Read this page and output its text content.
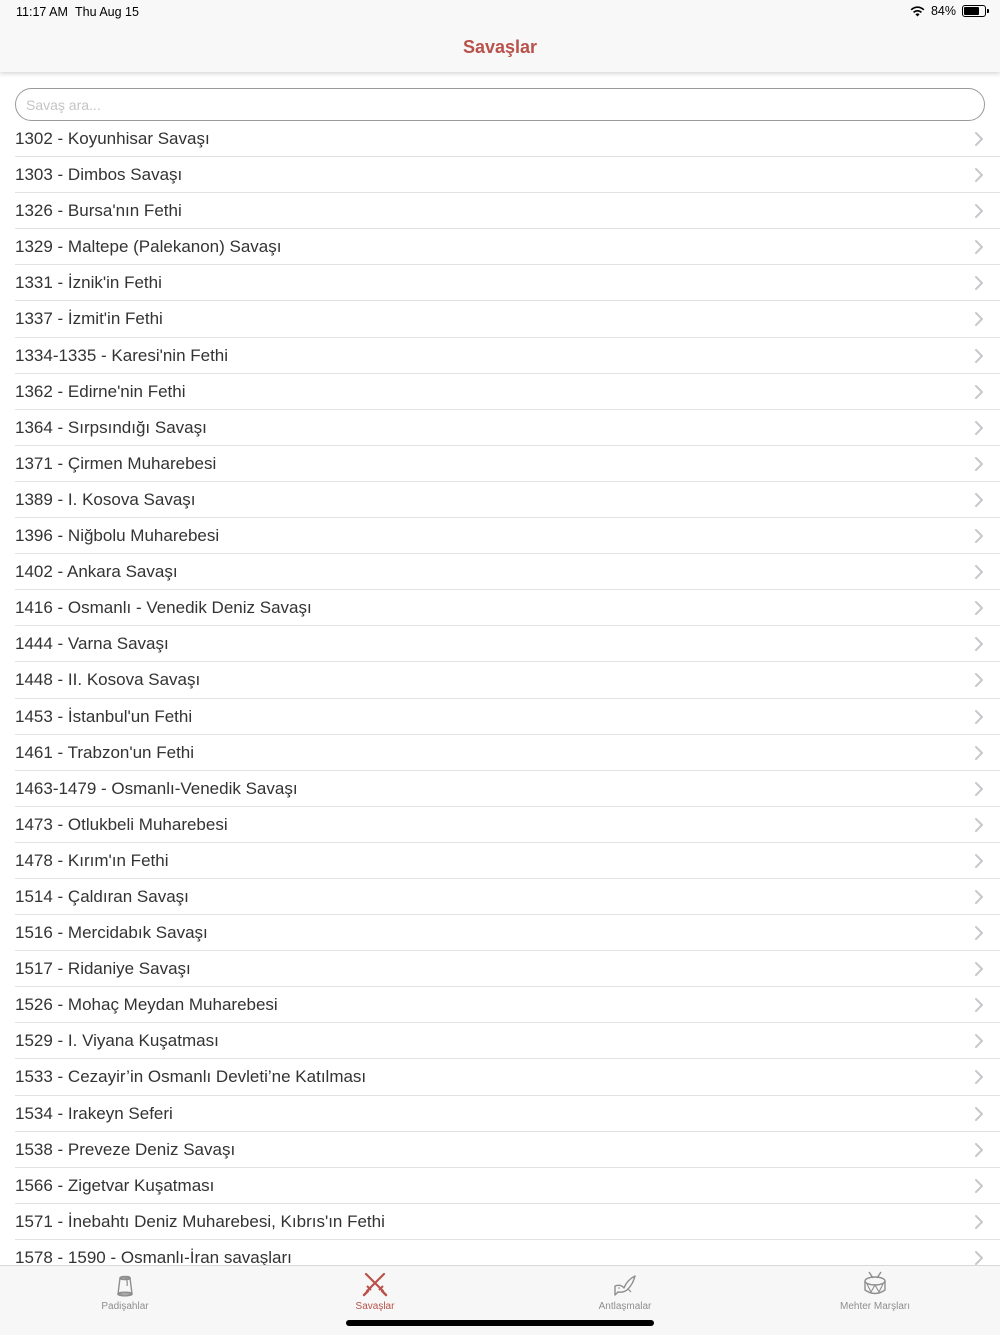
Savaşlar
11:17 AM Thu Aug 15	84%
Savaş ara...
1302 - Koyunhisar Savaşı
1303 - Dimbos Savaşı
1326 - Bursa'nın Fethi
1329 - Maltepe (Palekanon) Savaşı
1331 - İznik'in Fethi
1337 - İzmit'in Fethi
1334-1335 - Karesi'nin Fethi
1362 - Edirne'nin Fethi
1364 - Sırpsındığı Savaşı
1371 - Çirmen Muharebesi
1389 - I. Kosova Savaşı
1396 - Niğbolu Muharebesi
1402 - Ankara Savaşı
1416 - Osmanlı - Venedik Deniz Savaşı
1444 - Varna Savaşı
1448 - II. Kosova Savaşı
1453 - İstanbul'un Fethi
1461 - Trabzon'un Fethi
1463-1479 - Osmanlı-Venedik Savaşı
1473 - Otlukbeli Muharebesi
1478 - Kırım'ın Fethi
1514 - Çaldıran Savaşı
1516 - Mercidabık Savaşı
1517 - Ridaniye Savaşı
1526 - Mohaç Meydan Muharebesi
1529 - I. Viyana Kuşatması
1533 - Cezayir’in Osmanlı Devleti’ne Katılması
1534 - Irakeyn Seferi
1538 - Preveze Deniz Savaşı
1566 - Zigetvar Kuşatması
1571 - İnebahtı Deniz Muharebesi, Kıbrıs'ın Fethi
1578 - 1590 - Osmanlı-İran savaşları
Padişahlar	Savaşlar	Antlaşmalar	Mehter Marşları
